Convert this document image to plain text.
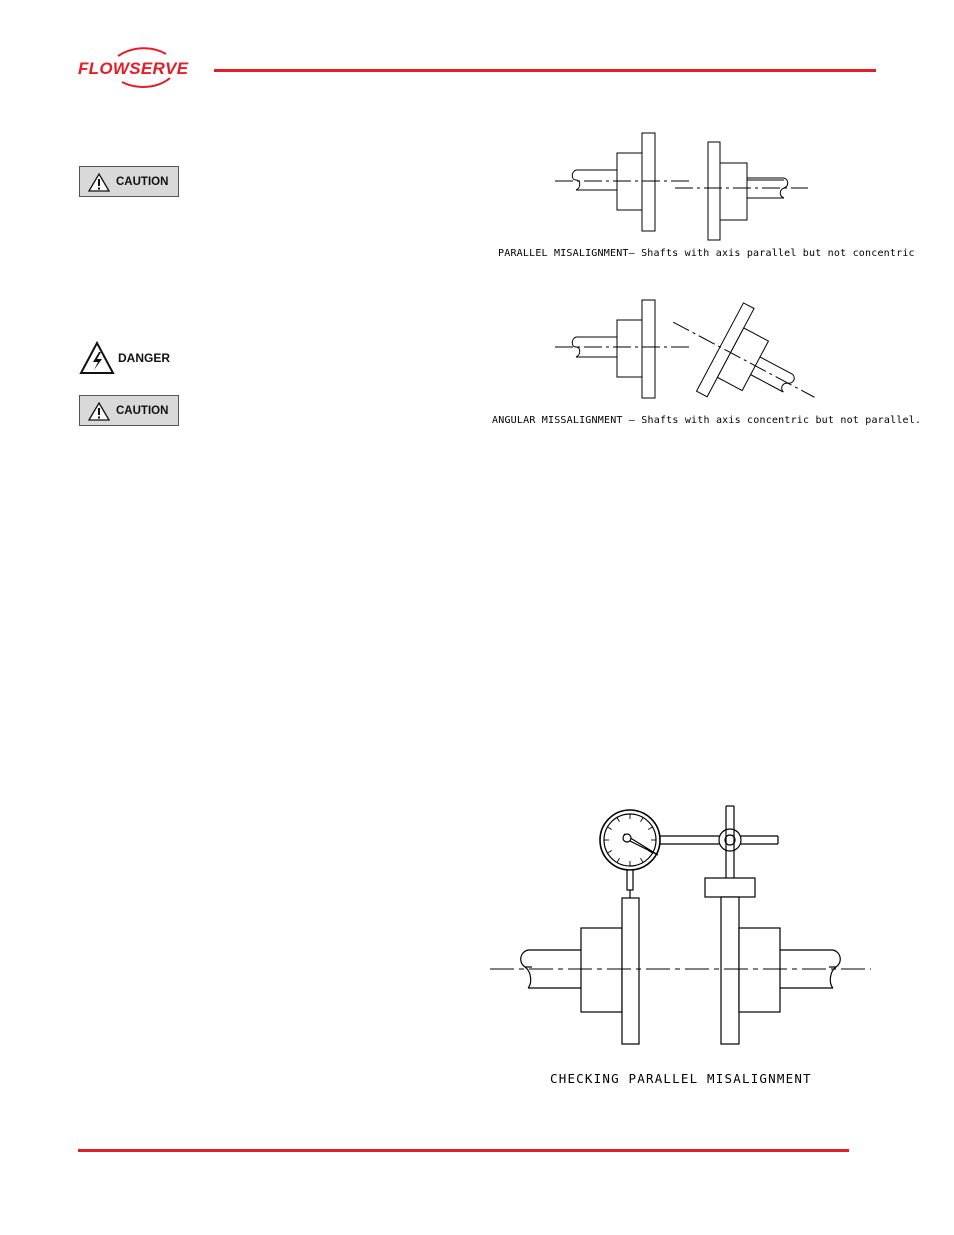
FLOWSERVE
CAUTION
DANGER
CAUTION
PARALLEL MISALIGNMENT— Shafts with axis parallel but not concentric
ANGULAR MISSALIGNMENT — Shafts with axis concentric but not parallel.
CHECKING PARALLEL MISALIGNMENT
